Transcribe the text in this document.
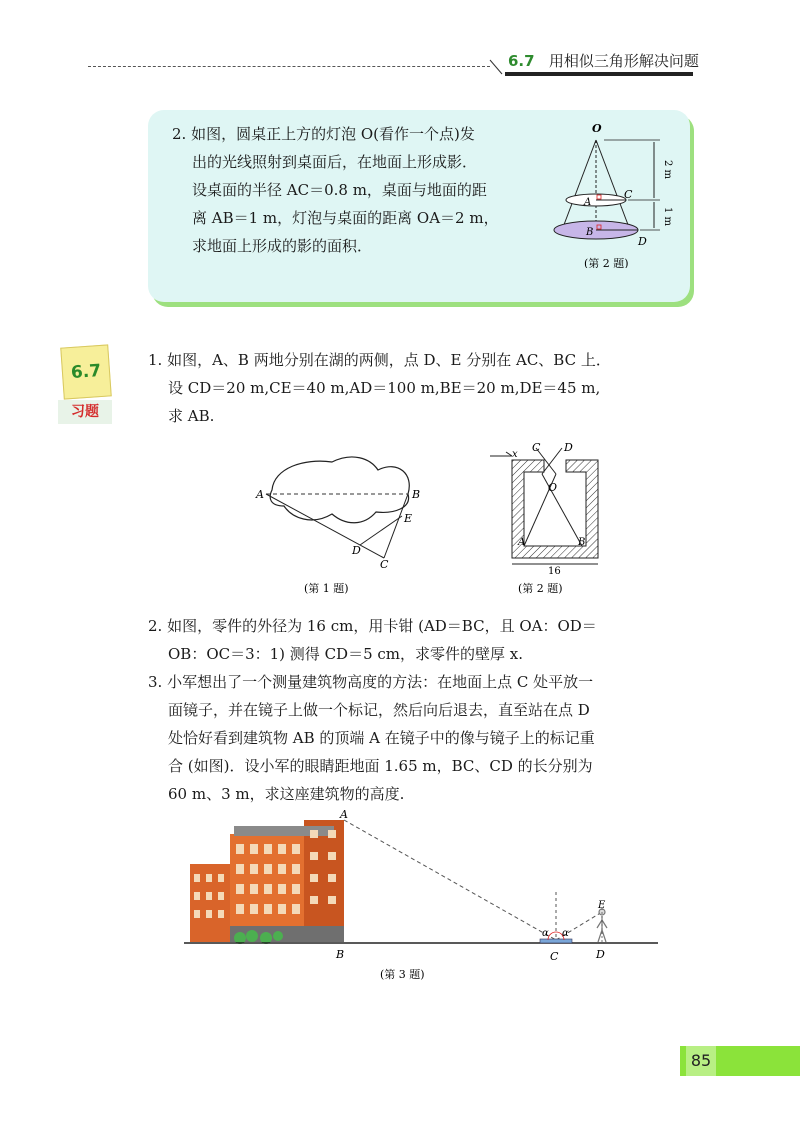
6.7 用相似三角形解决问题

2. 如图，圆桌正上方的灯泡 O(看作一个点)发

出的光线照射到桌面后，在地面上形成影．

设桌面的半径 AC＝0.8 m，桌面与地面的距

离 AB＝1 m，灯泡与桌面的距离 OA＝2 m，

求地面上形成的影的面积．

O
A
C
B
D
2 m
1 m
(第 2 题)
6.7
习题

1. 如图，A、B 两地分别在湖的两侧，点 D、E 分别在 AC、BC 上．

设 CD＝20 m,CE＝40 m,AD＝100 m,BE＝20 m,DE＝45 m,

求 AB.

A	B
E
D
C
(第 1 题)
x
C D
O
A	B
16
(第 2 题)

2. 如图，零件的外径为 16 cm，用卡钳 (AD＝BC，且 OA：OD＝

OB：OC＝3：1) 测得 CD＝5 cm，求零件的壁厚 x.

3. 小军想出了一个测量建筑物高度的方法：在地面上点 C 处平放一

面镜子，并在镜子上做一个标记，然后向后退去，直至站在点 D

处恰好看到建筑物 AB 的顶端 A 在镜子中的像与镜子上的标记重

合 (如图)．设小军的眼睛距地面 1.65 m，BC、CD 的长分别为

60 m、3 m，求这座建筑物的高度.

A
B	C	D
E
α α
(第 3 题)
85
